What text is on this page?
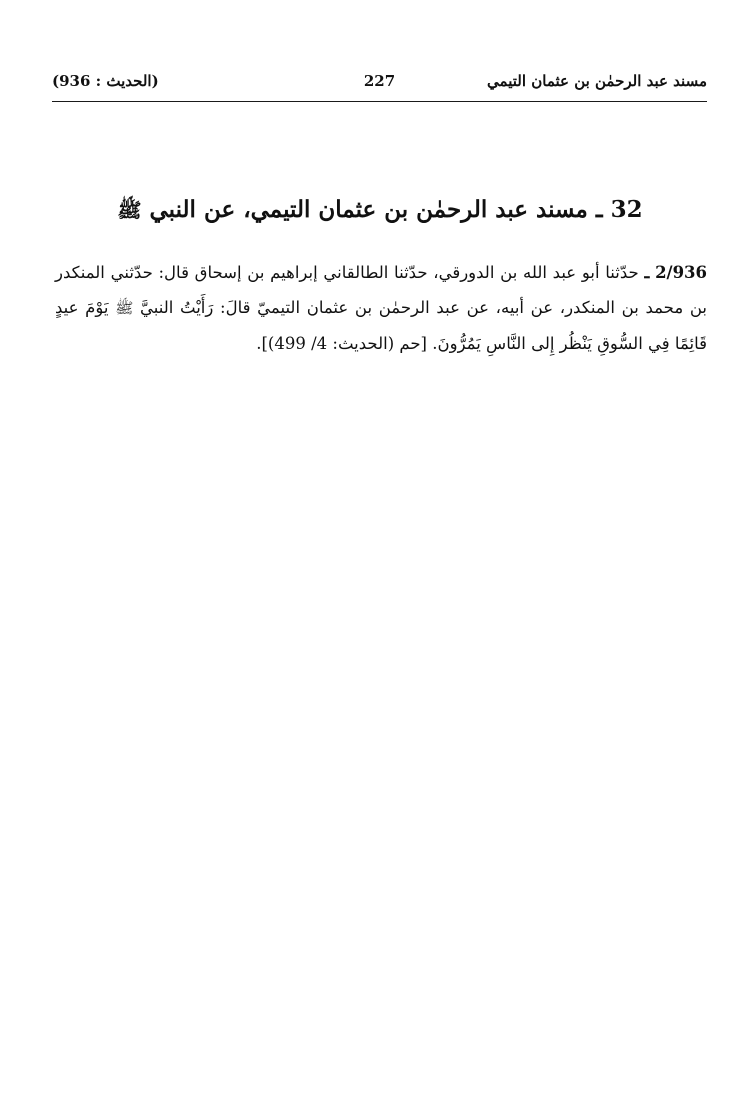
مسند عبد الرحمٰن بن عثمان التيمي
227
(الحديث : 936)
32 ـ مسند عبد الرحمٰن بن عثمان التيمي، عن النبي ﷺ
2/936 ـ حدّثنا أبو عبد الله بن الدورقي، حدّثنا الطالقاني إبراهيم بن إسحاق قال: حدّثني المنكدر بن محمد بن المنكدر، عن أبيه، عن عبد الرحمٰن بن عثمان التيميّ قالَ: رَأَيْتُ النبيَّ ﷺ يَوْمَ عيدٍ قَائِمًا فِي السُّوقِ يَنْظُر إِلى النَّاسِ يَمُرُّونَ. [حم (الحديث: 4/ 499)].
